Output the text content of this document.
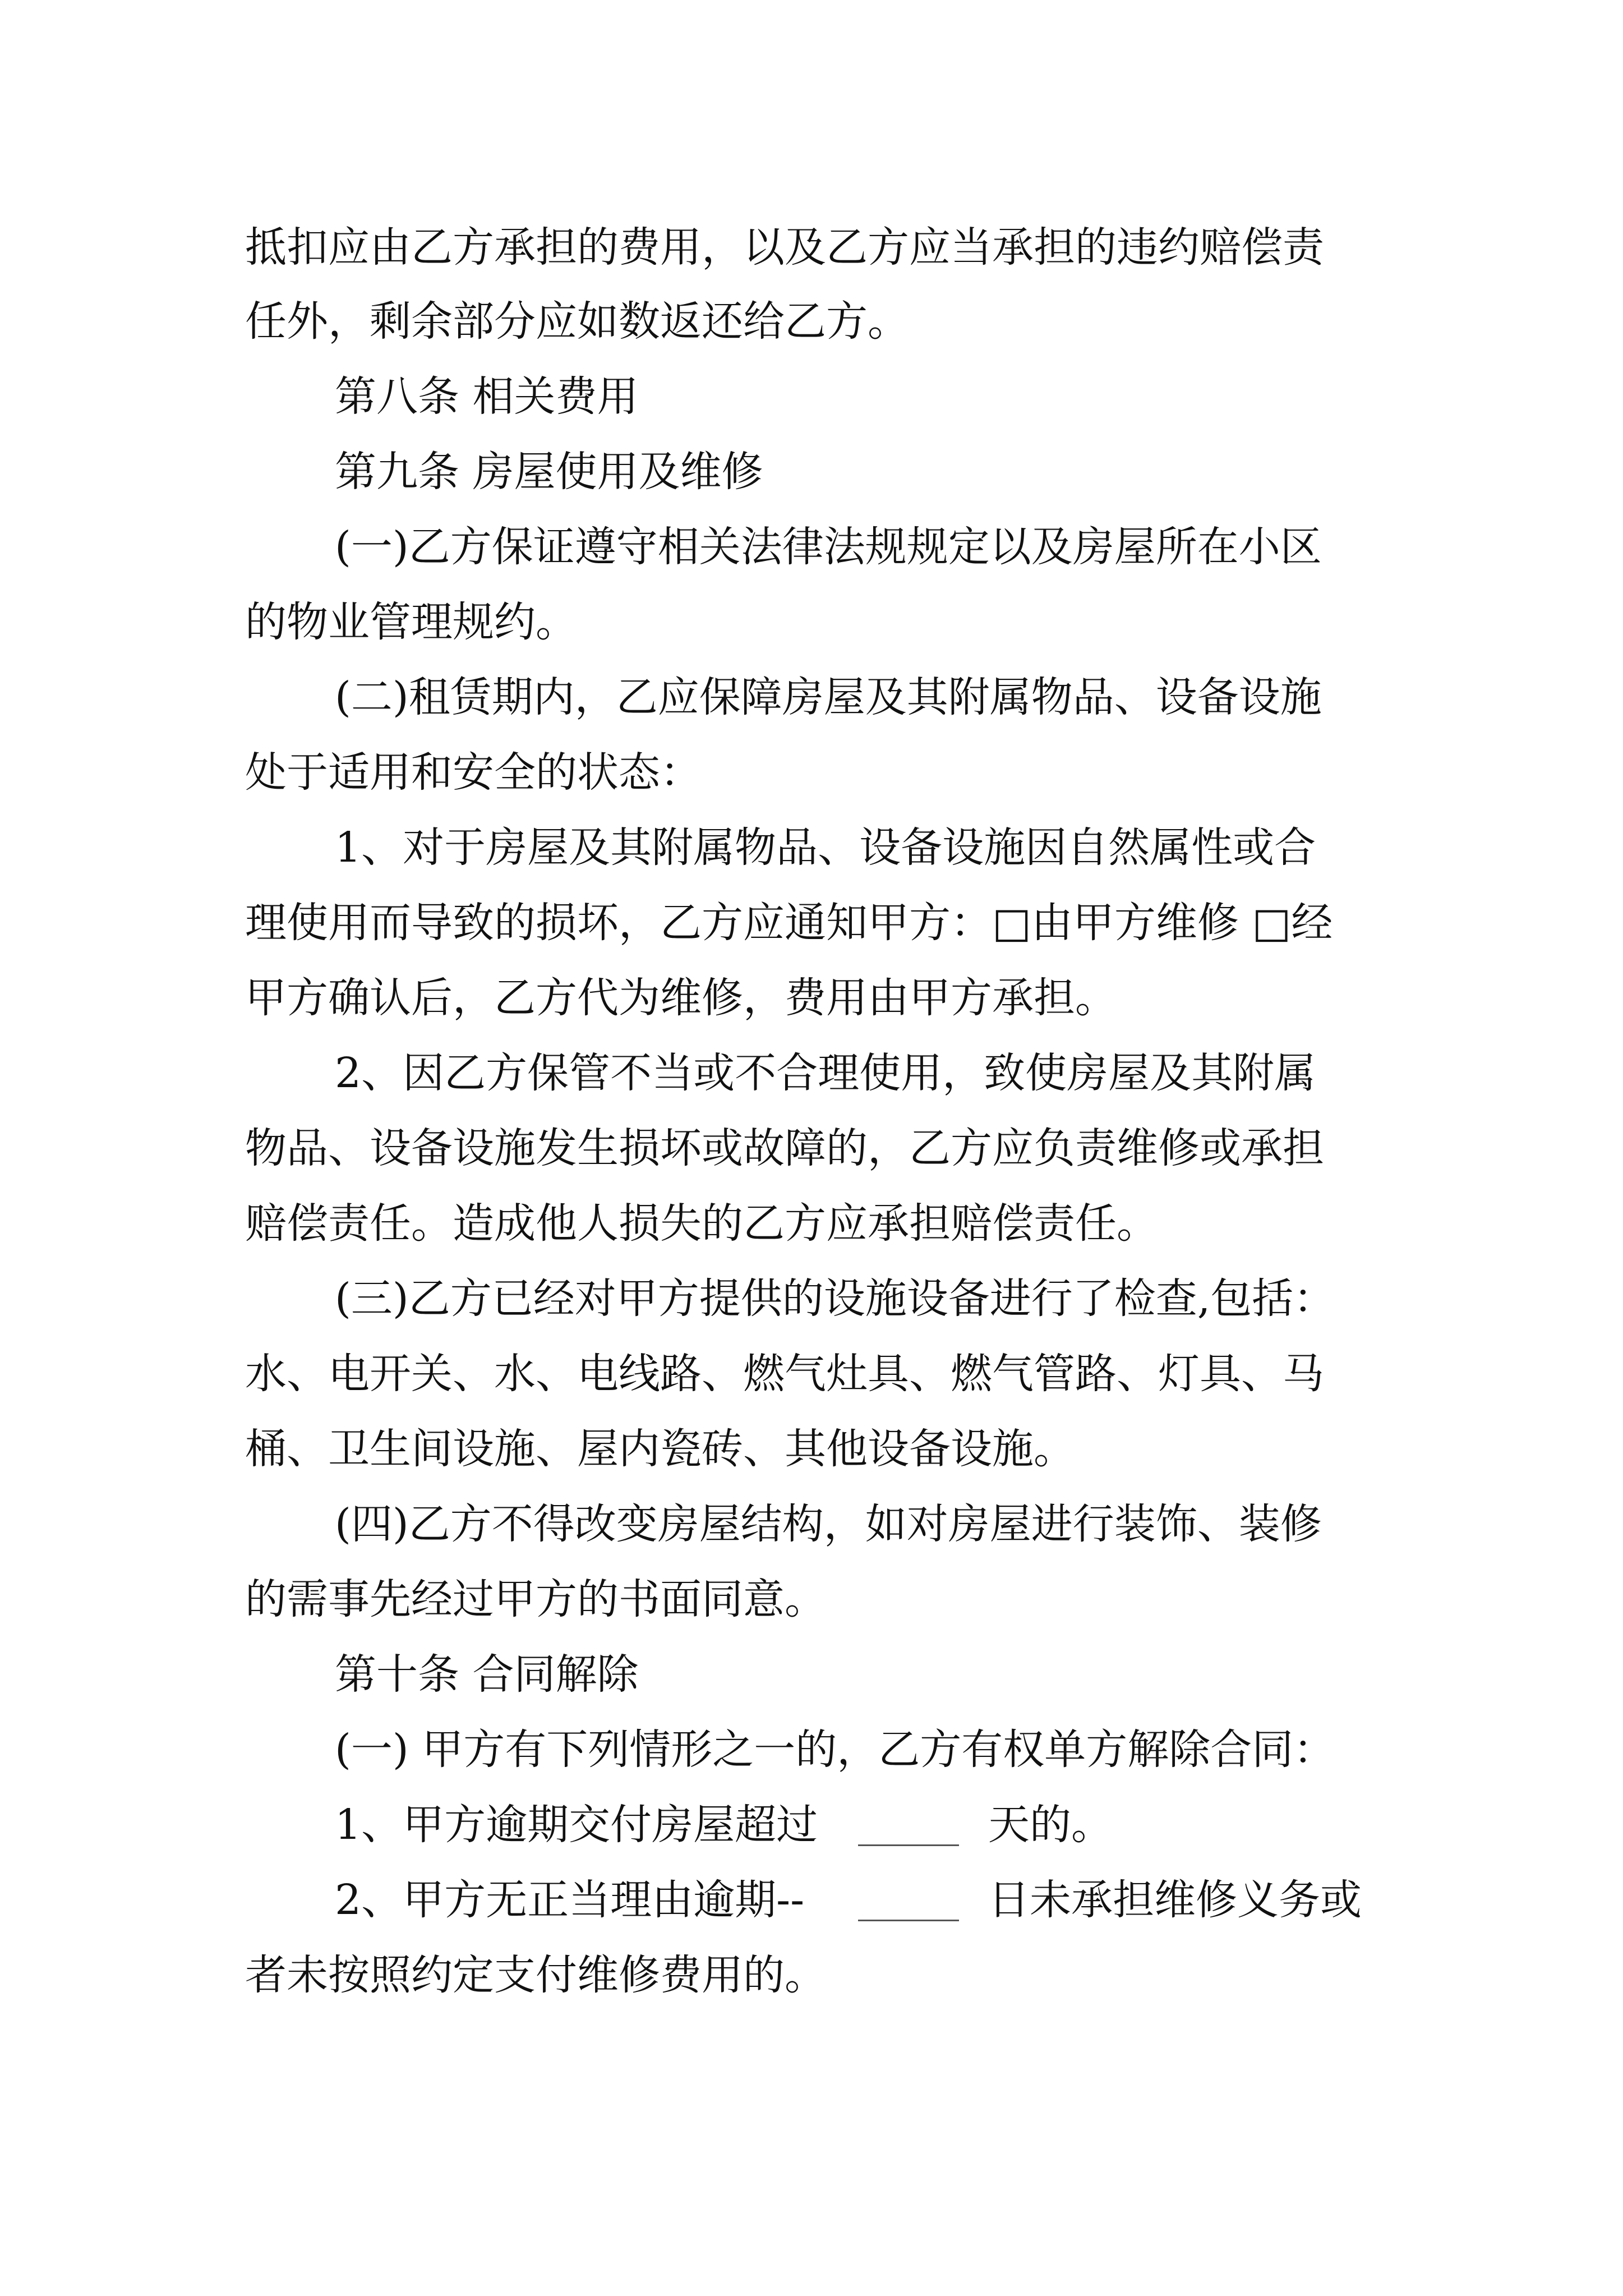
抵扣应由乙方承担的费用，以及乙方应当承担的违约赔偿责
任外，剩余部分应如数返还给乙方。
第八条 相关费用
第九条 房屋使用及维修
(一)乙方保证遵守相关法律法规规定以及房屋所在小区
的物业管理规约。
(二)租赁期内，乙应保障房屋及其附属物品、设备设施
处于适用和安全的状态：
1、对于房屋及其附属物品、设备设施因自然属性或合
理使用而导致的损坏，乙方应通知甲方：□由甲方维修 □经
甲方确认后，乙方代为维修，费用由甲方承担。
2、因乙方保管不当或不合理使用，致使房屋及其附属
物品、设备设施发生损坏或故障的，乙方应负责维修或承担
赔偿责任。造成他人损失的乙方应承担赔偿责任。
(三)乙方已经对甲方提供的设施设备进行了检查,包括：
水、电开关、水、电线路、燃气灶具、燃气管路、灯具、马
桶、卫生间设施、屋内瓷砖、其他设备设施。
(四)乙方不得改变房屋结构，如对房屋进行装饰、装修
的需事先经过甲方的书面同意。
第十条 合同解除
(一) 甲方有下列情形之一的，乙方有权单方解除合同：
1、甲方逾期交付房屋超过	天的。
2、甲方无正当理由逾期--	日未承担维修义务或
者未按照约定支付维修费用的。
